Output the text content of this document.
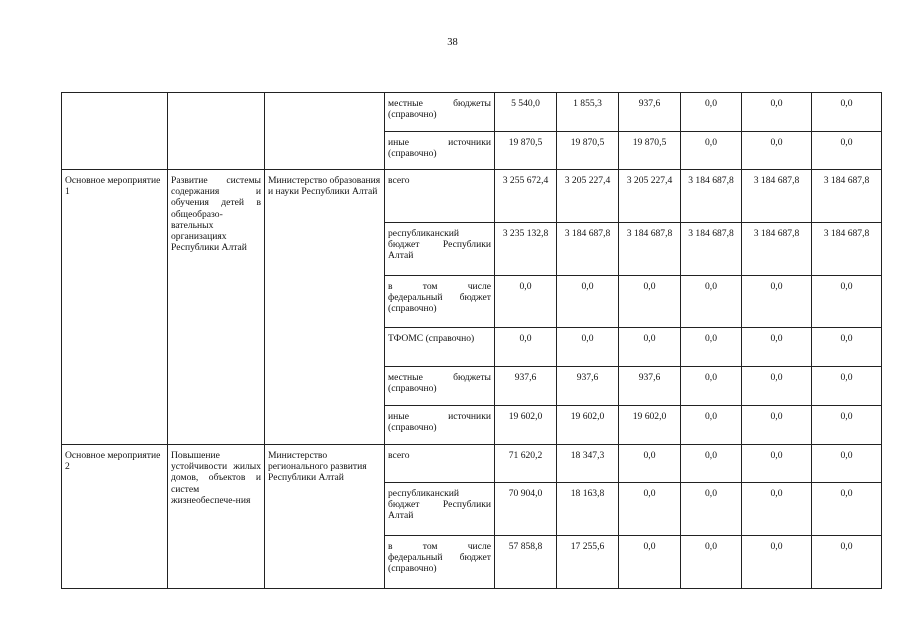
38
			местные бюджеты (справочно)	5 540,0	1 855,3	937,6	0,0	0,0	0,0
			иные источники (справочно)	19 870,5	19 870,5	19 870,5	0,0	0,0	0,0
Основное мероприятие 1	Развитие системы содержания и обучения детей в общеобразо-вательных организациях Республики Алтай	Министерство образования и науки Республики Алтай	всего	3 255 672,4	3 205 227,4	3 205 227,4	3 184 687,8	3 184 687,8	3 184 687,8
			республиканский бюджет Республики Алтай	3 235 132,8	3 184 687,8	3 184 687,8	3 184 687,8	3 184 687,8	3 184 687,8
			в том числе федеральный бюджет (справочно)	0,0	0,0	0,0	0,0	0,0	0,0
			ТФОМС (справочно)	0,0	0,0	0,0	0,0	0,0	0,0
			местные бюджеты (справочно)	937,6	937,6	937,6	0,0	0,0	0,0
			иные источники (справочно)	19 602,0	19 602,0	19 602,0	0,0	0,0	0,0
Основное мероприятие 2	Повышение устойчивости жилых домов, объектов и систем жизнеобеспече-ния	Министерство регионального развития Республики Алтай	всего	71 620,2	18 347,3	0,0	0,0	0,0	0,0
			республиканский бюджет Республики Алтай	70 904,0	18 163,8	0,0	0,0	0,0	0,0
			в том числе федеральный бюджет (справочно)	57 858,8	17 255,6	0,0	0,0	0,0	0,0
